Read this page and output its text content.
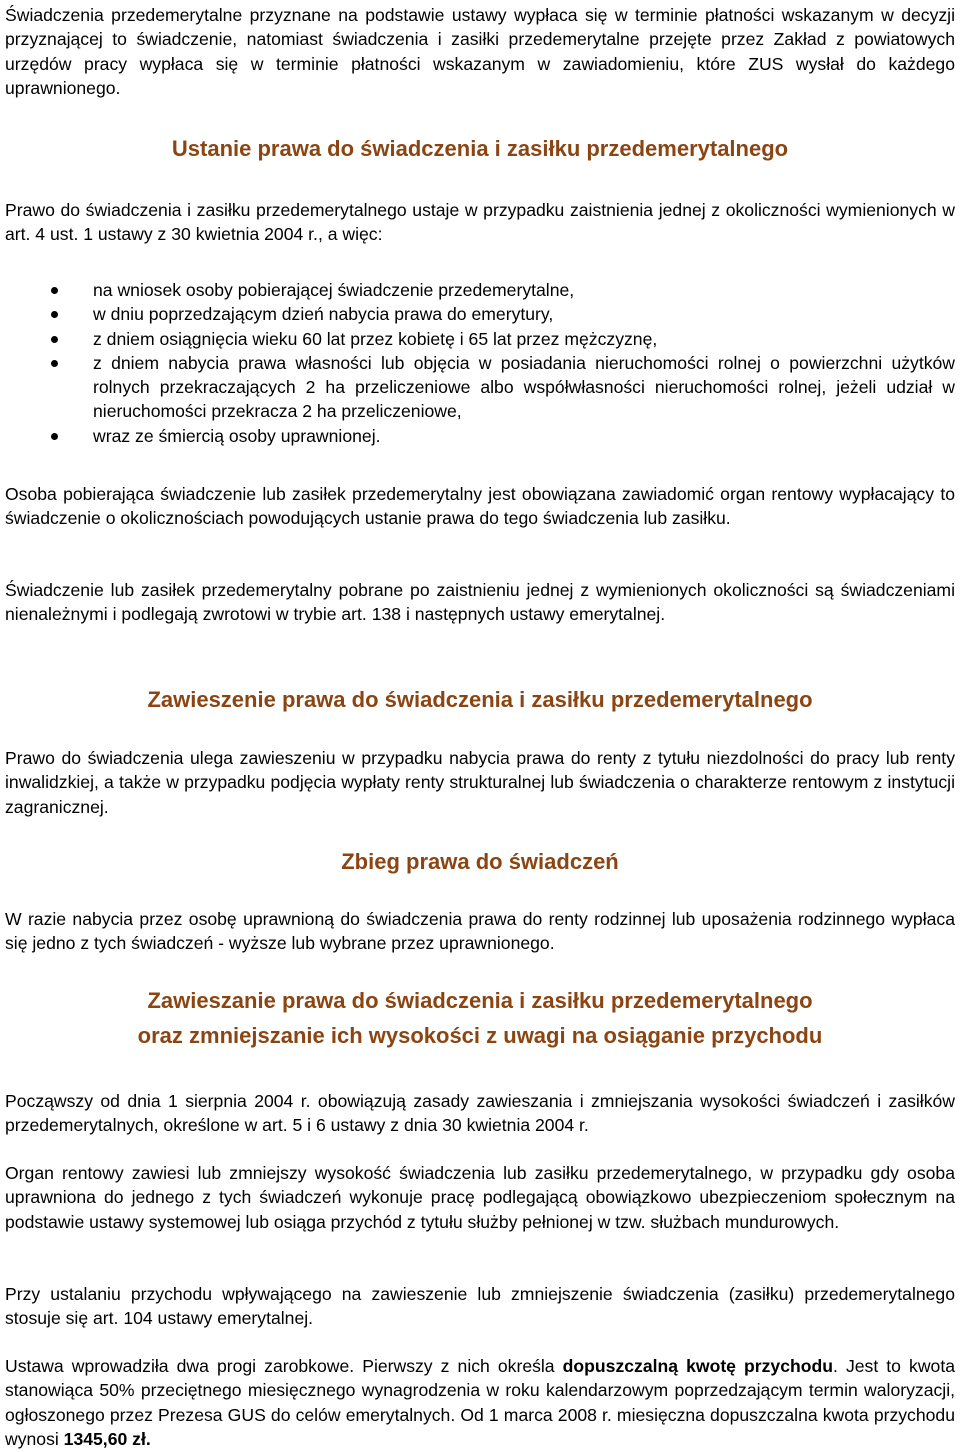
Świadczenia przedemerytalne przyznane na podstawie ustawy wypłaca się w terminie płatności wskazanym w decyzji przyznającej to świadczenie, natomiast świadczenia i zasiłki przedemerytalne przejęte przez Zakład z powiatowych urzędów pracy wypłaca się w terminie płatności wskazanym w zawiadomieniu, które ZUS wysłał do każdego uprawnionego.

Ustanie prawa do świadczenia i zasiłku przedemerytalnego

Prawo do świadczenia i zasiłku przedemerytalnego ustaje w przypadku zaistnienia jednej z okoliczności wymienionych w art. 4 ust. 1 ustawy z 30 kwietnia 2004 r., a więc:

na wniosek osoby pobierającej świadczenie przedemerytalne,
w dniu poprzedzającym dzień nabycia prawa do emerytury,
z dniem osiągnięcia wieku 60 lat przez kobietę i 65 lat przez mężczyznę,
z dniem nabycia prawa własności lub objęcia w posiadania nieruchomości rolnej o powierzchni użytków rolnych przekraczających 2 ha przeliczeniowe albo współwłasności nieruchomości rolnej, jeżeli udział w nieruchomości przekracza 2 ha przeliczeniowe,
wraz ze śmiercią osoby uprawnionej.

Osoba pobierająca świadczenie lub zasiłek przedemerytalny jest obowiązana zawiadomić organ rentowy wypłacający to świadczenie o okolicznościach powodujących ustanie prawa do tego świadczenia lub zasiłku.

Świadczenie lub zasiłek przedemerytalny pobrane po zaistnieniu jednej z wymienionych okoliczności są świadczeniami nienależnymi i podlegają zwrotowi w trybie art. 138 i następnych ustawy emerytalnej.

Zawieszenie prawa do świadczenia i zasiłku przedemerytalnego

Prawo do świadczenia ulega zawieszeniu w przypadku nabycia prawa do renty z tytułu niezdolności do pracy lub renty inwalidzkiej, a także w przypadku podjęcia wypłaty renty strukturalnej lub świadczenia o charakterze rentowym z instytucji zagranicznej.

Zbieg prawa do świadczeń

W razie nabycia przez osobę uprawnioną do świadczenia prawa do renty rodzinnej lub uposażenia rodzinnego wypłaca się jedno z tych świadczeń - wyższe lub wybrane przez uprawnionego.

Zawieszanie prawa do świadczenia i zasiłku przedemerytalnego
oraz zmniejszanie ich wysokości z uwagi na osiąganie przychodu

Począwszy od dnia 1 sierpnia 2004 r. obowiązują zasady zawieszania i zmniejszania wysokości świadczeń i zasiłków przedemerytalnych, określone w art. 5 i 6 ustawy z dnia 30 kwietnia 2004 r.

Organ rentowy zawiesi lub zmniejszy wysokość świadczenia lub zasiłku przedemerytalnego, w przypadku gdy osoba uprawniona do jednego z tych świadczeń wykonuje pracę podlegającą obowiązkowo ubezpieczeniom społecznym na podstawie ustawy systemowej lub osiąga przychód z tytułu służby pełnionej w tzw. służbach mundurowych.

Przy ustalaniu przychodu wpływającego na zawieszenie lub zmniejszenie świadczenia (zasiłku) przedemerytalnego stosuje się art. 104 ustawy emerytalnej.

Ustawa wprowadziła dwa progi zarobkowe. Pierwszy z nich określa dopuszczalną kwotę przychodu. Jest to kwota stanowiąca 50% przeciętnego miesięcznego wynagrodzenia w roku kalendarzowym poprzedzającym termin waloryzacji, ogłoszonego przez Prezesa GUS do celów emerytalnych. Od 1 marca 2008 r. miesięczna dopuszczalna kwota przychodu wynosi 1345,60 zł.
